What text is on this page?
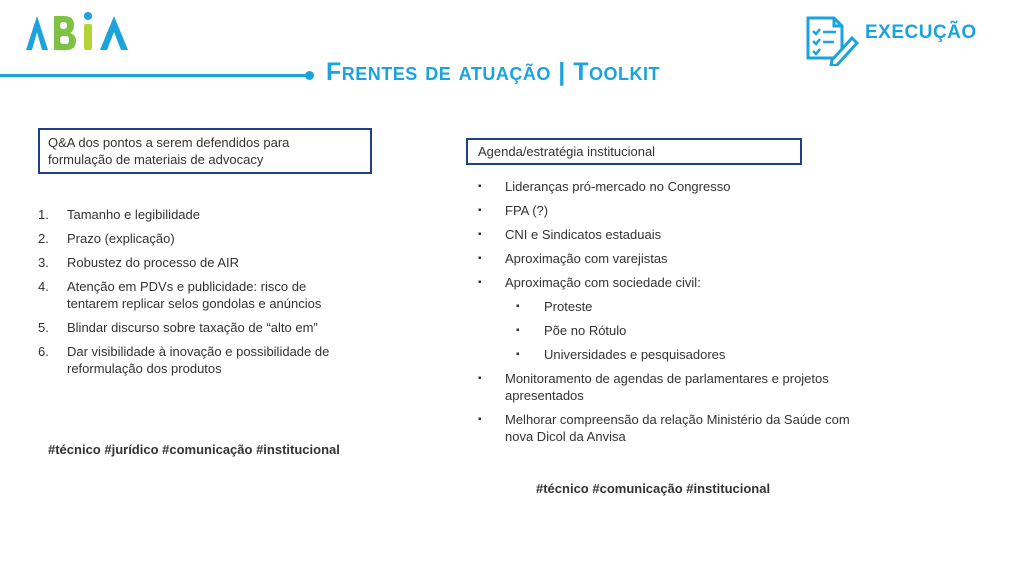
ABIA
EXECUÇÃO
Frentes de atuação | Toolkit
Q&A dos pontos a serem defendidos para
formulação de materiais de advocacy
1. Tamanho e legibilidade
2. Prazo (explicação)
3. Robustez do processo de AIR
4. Atenção em PDVs e publicidade: risco de tentarem replicar selos gondolas e anúncios
5. Blindar discurso sobre taxação de “alto em”
6. Dar visibilidade à inovação e possibilidade de reformulação dos produtos
#técnico #jurídico #comunicação #institucional
Agenda/estratégia institucional
▪ Lideranças pró-mercado no Congresso
▪ FPA (?)
▪ CNI e Sindicatos estaduais
▪ Aproximação com varejistas
▪ Aproximação com sociedade civil:
▪ Proteste
▪ Põe no Rótulo
▪ Universidades e pesquisadores
▪ Monitoramento de agendas de parlamentares e projetos apresentados
▪ Melhorar compreensão da relação Ministério da Saúde com nova Dicol da Anvisa
#técnico #comunicação #institucional
